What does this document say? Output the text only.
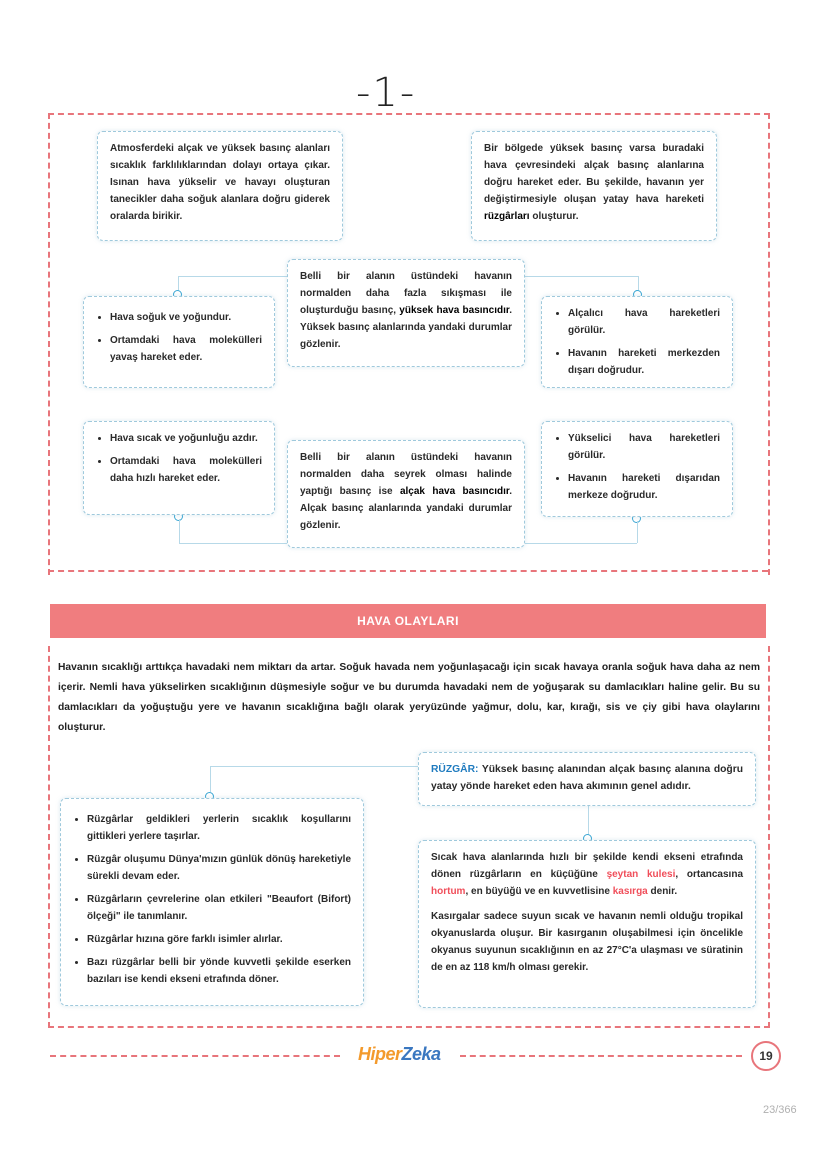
-1-
Atmosferdeki alçak ve yüksek basınç alanları sıcaklık farklılıklarından dolayı ortaya çıkar. Isınan hava yükselir ve havayı oluşturan tanecikler daha soğuk alanlara doğru giderek oralarda birikir.
Bir bölgede yüksek basınç varsa buradaki hava çevresindeki alçak basınç alanlarına doğru hareket eder. Bu şekilde, havanın yer değiştirmesiyle oluşan yatay hava hareketi rüzgârları oluşturur.
Belli bir alanın üstündeki havanın normalden daha fazla sıkışması ile oluşturduğu basınç, yüksek hava basıncıdır. Yüksek basınç alanlarında yandaki durumlar gözlenir.
• Hava soğuk ve yoğundur.
• Ortamdaki hava molekülleri yavaş hareket eder.
• Alçalıcı hava hareketleri görülür.
• Havanın hareketi merkezden dışarı doğrudur.
• Hava sıcak ve yoğunluğu azdır.
• Ortamdaki hava molekülleri daha hızlı hareket eder.
Belli bir alanın üstündeki havanın normalden daha seyrek olması halinde yaptığı basınç ise alçak hava basıncıdır. Alçak basınç alanlarında yandaki durumlar gözlenir.
• Yükselici hava hareketleri görülür.
• Havanın hareketi dışarıdan merkeze doğrudur.
HAVA OLAYLARI
Havanın sıcaklığı arttıkça havadaki nem miktarı da artar. Soğuk havada nem yoğunlaşacağı için sıcak havaya oranla soğuk hava daha az nem içerir. Nemli hava yükselirken sıcaklığının düşmesiyle soğur ve bu durumda havadaki nem de yoğuşarak su damlacıkları haline gelir. Bu su damlacıkları da yoğuştuğu yere ve havanın sıcaklığına bağlı olarak yeryüzünde yağmur, dolu, kar, kırağı, sis ve çiy gibi hava olaylarını oluşturur.
RÜZGÂR: Yüksek basınç alanından alçak basınç alanına doğru yatay yönde hareket eden hava akımının genel adıdır.
• Rüzgârlar geldikleri yerlerin sıcaklık koşullarını gittikleri yerlere taşırlar.
• Rüzgâr oluşumu Dünya'mızın günlük dönüş hareketiyle sürekli devam eder.
• Rüzgârların çevrelerine olan etkileri "Beaufort (Bifort) ölçeği" ile tanımlanır.
• Rüzgârlar hızına göre farklı isimler alırlar.
• Bazı rüzgârlar belli bir yönde kuvvetli şekilde eserken bazıları ise kendi ekseni etrafında döner.
Sıcak hava alanlarında hızlı bir şekilde kendi ekseni etrafında dönen rüzgârların en küçüğüne şeytan kulesi, ortancasına hortum, en büyüğü ve en kuvvetlisine kasırga denir.
Kasırgalar sadece suyun sıcak ve havanın nemli olduğu tropikal okyanuslarda oluşur. Bir kasırganın oluşabilmesi için öncelikle okyanus suyunun sıcaklığının en az 27°C'a ulaşması ve süratinin de en az 118 km/h olması gerekir.
HiperZeka	19
23/366
